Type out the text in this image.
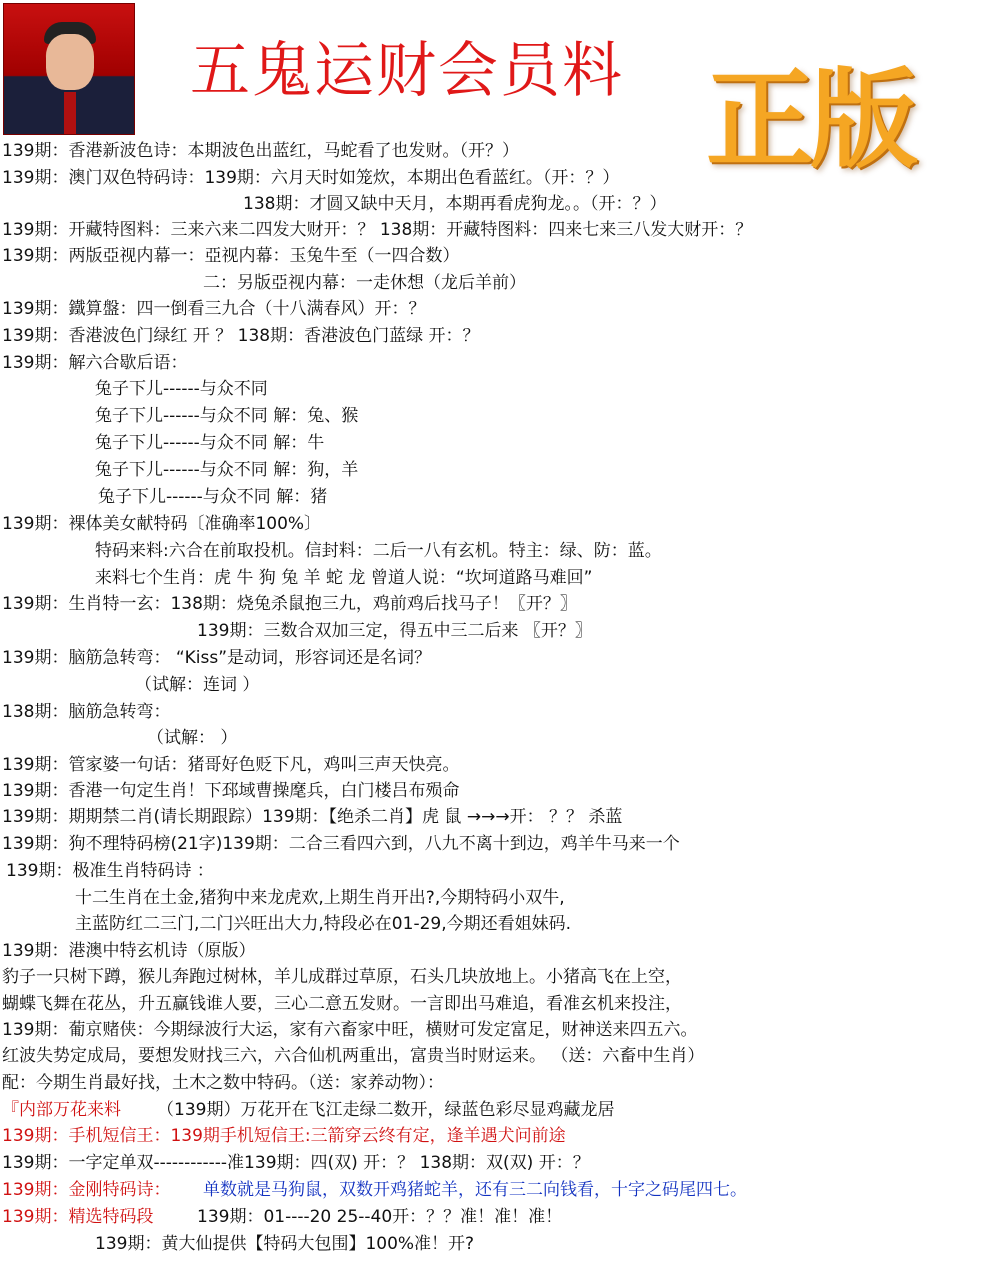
五鬼运财会员料 正版
139期：香港新波色诗：本期波色出蓝红，马蛇看了也发财。（开？）
139期：澳门双色特码诗：139期：六月天时如笼炊，本期出色看蓝红。（开：？）
138期：才圆又缺中天月，本期再看虎狗龙。。（开：？）
139期：开藏特图料：三来六来二四发大财开：？ 138期：开藏特图料：四来七来三八发大财开：？
139期：两版亞视内幕一：亞视内幕：玉兔牛至（一四合数）
二：另版亞视内幕：一走休想（龙后羊前）
139期：鐵算盤：四一倒看三九合（十八满春风）开：？
139期：香港波色门绿红 开 ？ 138期：香港波色门蓝绿 开：？
139期：解六合歇后语：
兔子下儿------与众不同
兔子下儿------与众不同 解：兔、猴
兔子下儿------与众不同 解：牛
兔子下儿------与众不同 解：狗，羊
兔子下儿------与众不同 解：猪
139期：裸体美女献特码〔准确率100%〕
特码来料:六合在前取投机。信封料：二后一八有玄机。特主：绿、防：蓝。
来料七个生肖：虎 牛 狗 兔 羊 蛇 龙 曾道人说：“坎坷道路马难回”
139期：生肖特一玄：138期：烧兔杀鼠抱三九，鸡前鸡后找马子！〖开？〗
139期：三数合双加三定，得五中三二后来 〖开？〗
139期：脑筋急转弯： “Kiss”是动词，形容词还是名词？
（试解：连词 ）
138期：脑筋急转弯：
（试解： ）
139期：管家婆一句话：猪哥好色贬下凡，鸡叫三声天快亮。
139期：香港一句定生肖！下邳域曹操麾兵，白门楼吕布殒命
139期：期期禁二肖(请长期跟踪）139期：【绝杀二肖】虎 鼠 →→→开： ？？ 杀蓝
139期：狗不理特码榜(21字)139期：二合三看四六到，八九不离十到边，鸡羊牛马来一个
139期：极准生肖特码诗 ：
十二生肖在土金,猪狗中来龙虎欢,上期生肖开出?,今期特码小双牛,
主蓝防红二三门,二门兴旺出大力,特段必在01-29,今期还看姐妹码.
139期：港澳中特玄机诗（原版）
豹子一只树下蹲，猴儿奔跑过树林，羊儿成群过草原，石头几块放地上。小猪高飞在上空，
蝴蝶飞舞在花丛，升五赢钱谁人要，三心二意五发财。一言即出马难追，看准玄机来投注，
139期：葡京赌侠：今期绿波行大运，家有六畜家中旺，横财可发定富足，财神送来四五六。
红波失势定成局，要想发财找三六，六合仙机两重出，富贵当时财运来。 （送：六畜中生肖）
配：今期生肖最好找，土木之数中特码。（送：家养动物）：
『内部万花来料 （139期）万花开在飞江走绿二数开，绿蓝色彩尽显鸡藏龙居
139期：手机短信王：139期手机短信王:三箭穿云终有定，逢羊遇犬问前途
139期：一字定单双------------准139期：四(双) 开：？ 138期：双(双) 开：？
139期：金刚特码诗： 单数就是马狗鼠，双数开鸡猪蛇羊，还有三二向钱看，十字之码尾四七。
139期：精选特码段	139期：01----20 25--40开：？？准！准！准！
139期：黄大仙提供【特码大包围】100%准！开?
